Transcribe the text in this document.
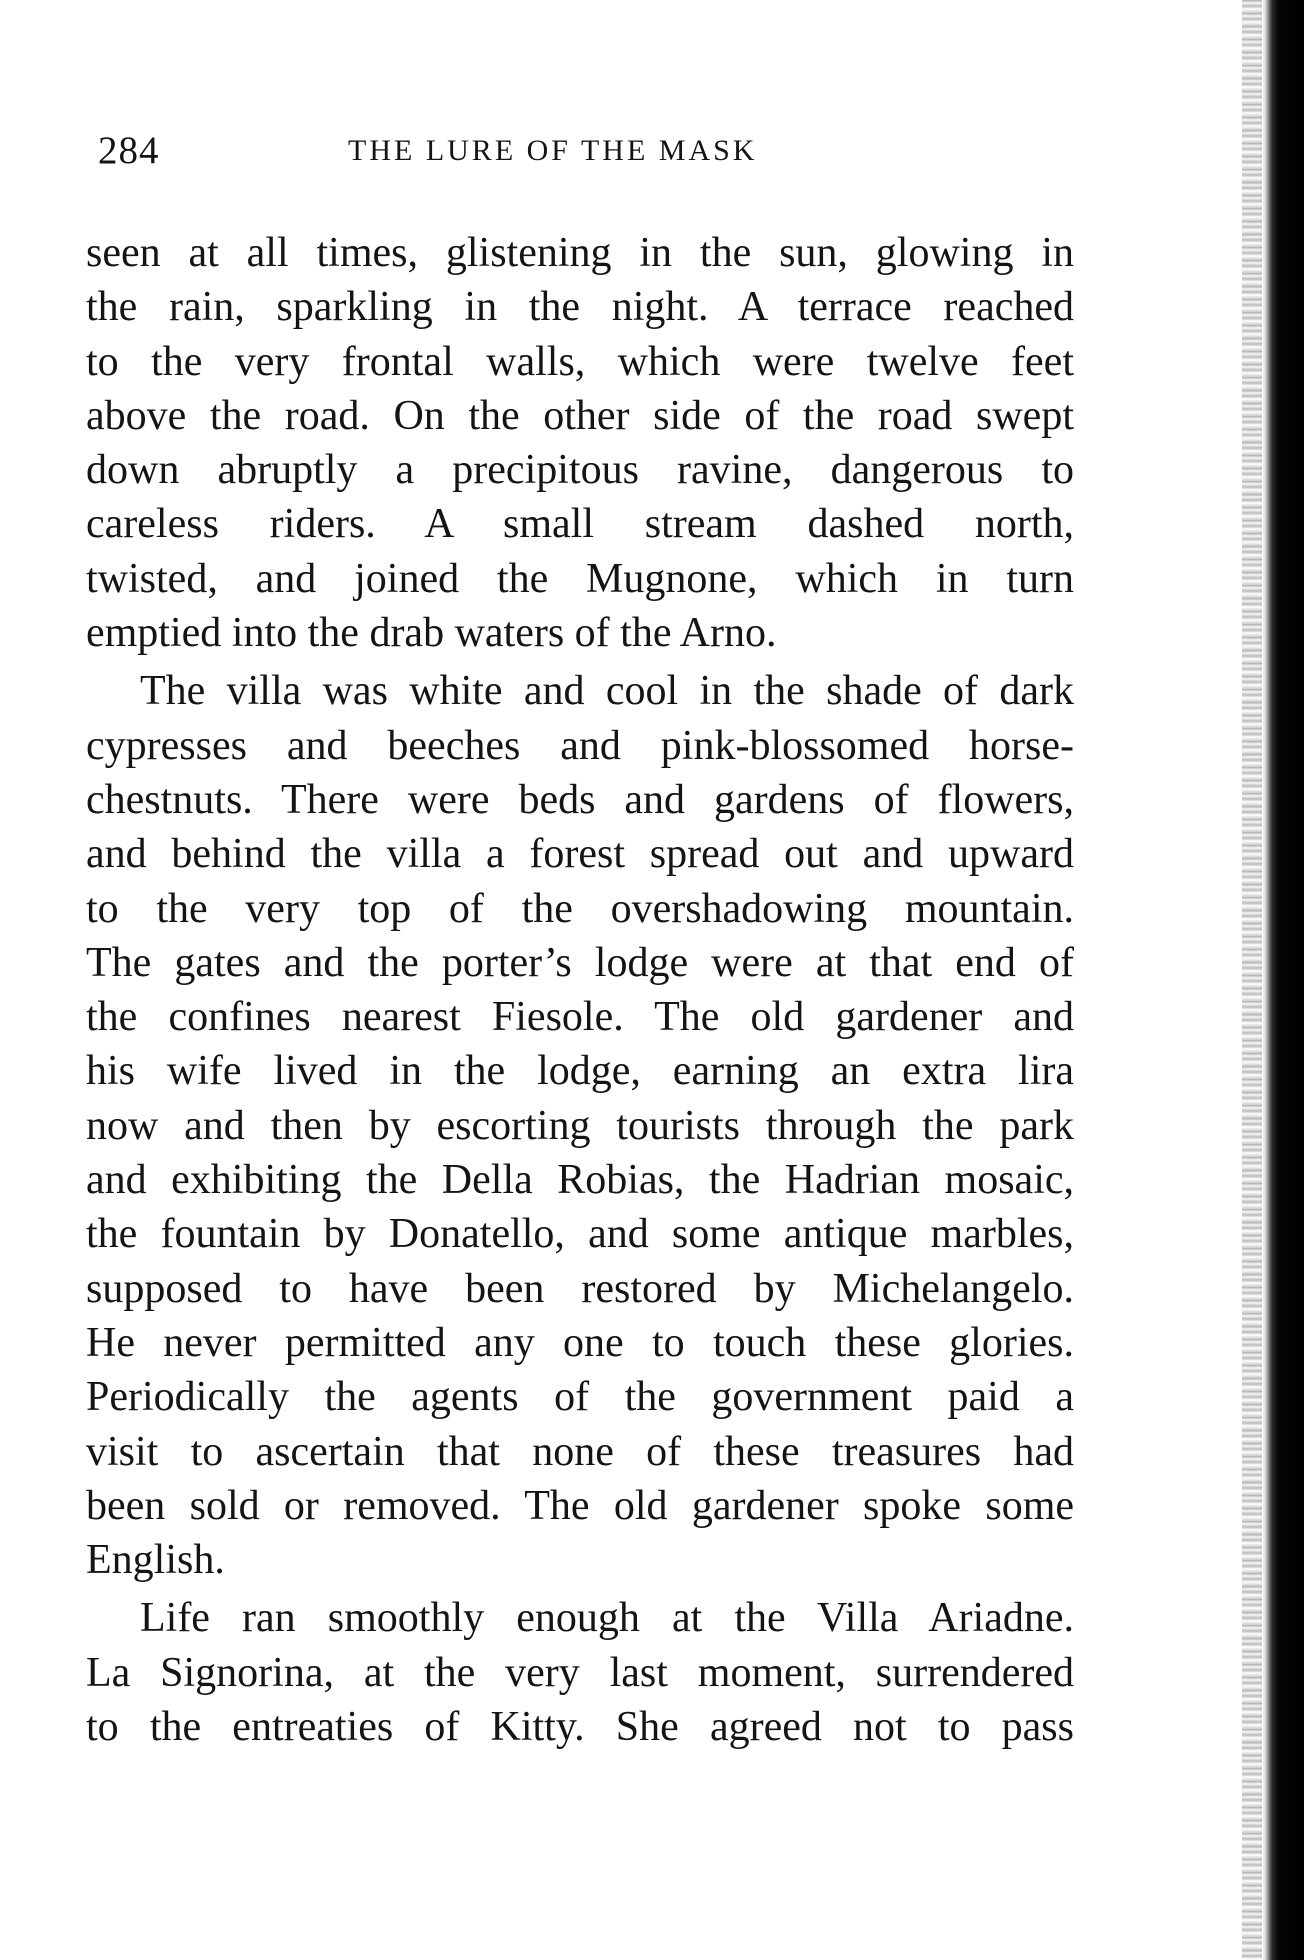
284	THE LURE OF THE MASK
seen at all times, glistening in the sun, glowing in
the rain, sparkling in the night. A terrace reached
to the very frontal walls, which were twelve feet
above the road. On the other side of the road swept
down abruptly a precipitous ravine, dangerous to
careless riders. A small stream dashed north,
twisted, and joined the Mugnone, which in turn
emptied into the drab waters of the Arno.
The villa was white and cool in the shade of dark
cypresses and beeches and pink-blossomed horse-
chestnuts. There were beds and gardens of flowers,
and behind the villa a forest spread out and upward
to the very top of the overshadowing mountain.
The gates and the porter’s lodge were at that end of
the confines nearest Fiesole. The old gardener and
his wife lived in the lodge, earning an extra lira
now and then by escorting tourists through the park
and exhibiting the Della Robias, the Hadrian mosaic,
the fountain by Donatello, and some antique marbles,
supposed to have been restored by Michelangelo.
He never permitted any one to touch these glories.
Periodically the agents of the government paid a
visit to ascertain that none of these treasures had
been sold or removed. The old gardener spoke some
English.
Life ran smoothly enough at the Villa Ariadne.
La Signorina, at the very last moment, surrendered
to the entreaties of Kitty. She agreed not to pass
